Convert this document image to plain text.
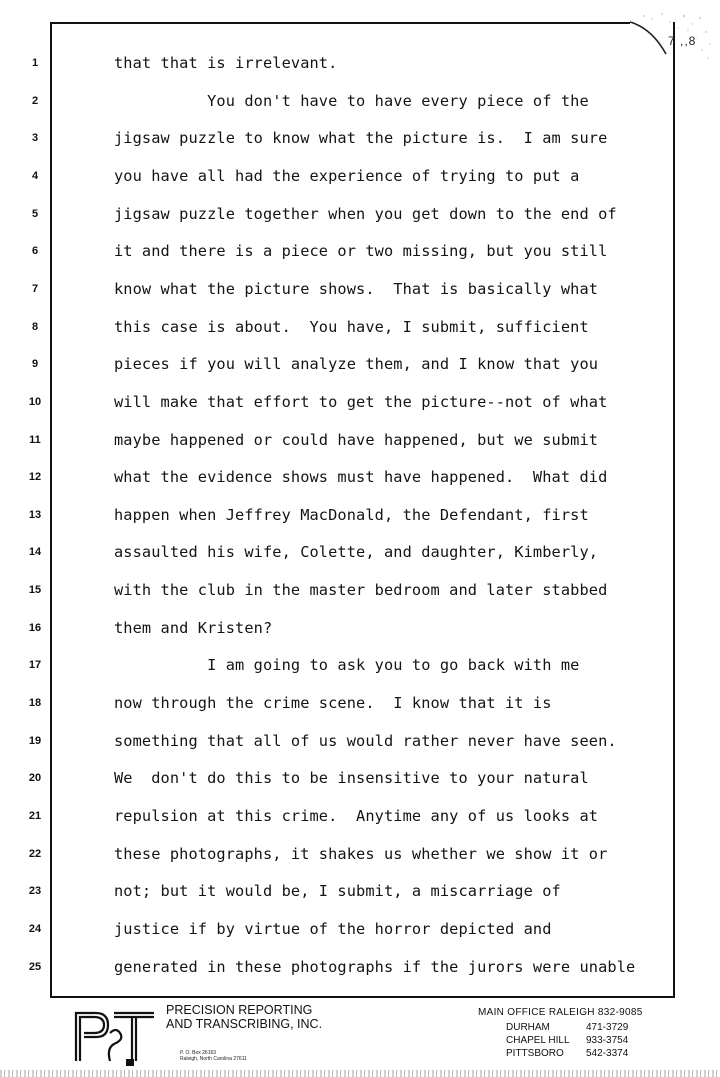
7 ,,8
1	that that is irrelevant.
2	You don't have to have every piece of the
3	jigsaw puzzle to know what the picture is.  I am sure
4	you have all had the experience of trying to put a
5	jigsaw puzzle together when you get down to the end of
6	it and there is a piece or two missing, but you still
7	know what the picture shows.  That is basically what
8	this case is about.  You have, I submit, sufficient
9	pieces if you will analyze them, and I know that you
10	will make that effort to get the picture--not of what
11	maybe happened or could have happened, but we submit
12	what the evidence shows must have happened.  What did
13	happen when Jeffrey MacDonald, the Defendant, first
14	assaulted his wife, Colette, and daughter, Kimberly,
15	with the club in the master bedroom and later stabbed
16	them and Kristen?
17	I am going to ask you to go back with me
18	now through the crime scene.  I know that it is
19	something that all of us would rather never have seen.
20	We  don't do this to be insensitive to your natural
21	repulsion at this crime.  Anytime any of us looks at
22	these photographs, it shakes us whether we show it or
23	not; but it would be, I submit, a miscarriage of
24	justice if by virtue of the horror depicted and
25	generated in these photographs if the jurors were unable
PRECISION REPORTING
AND TRANSCRIBING, INC.
P. O. Box 26163
Raleigh, North Carolina 27611
MAIN OFFICE RALEIGH 832-9085
DURHAM	471-3729
CHAPEL HILL 933-3754
PITTSBORO 542-3374
